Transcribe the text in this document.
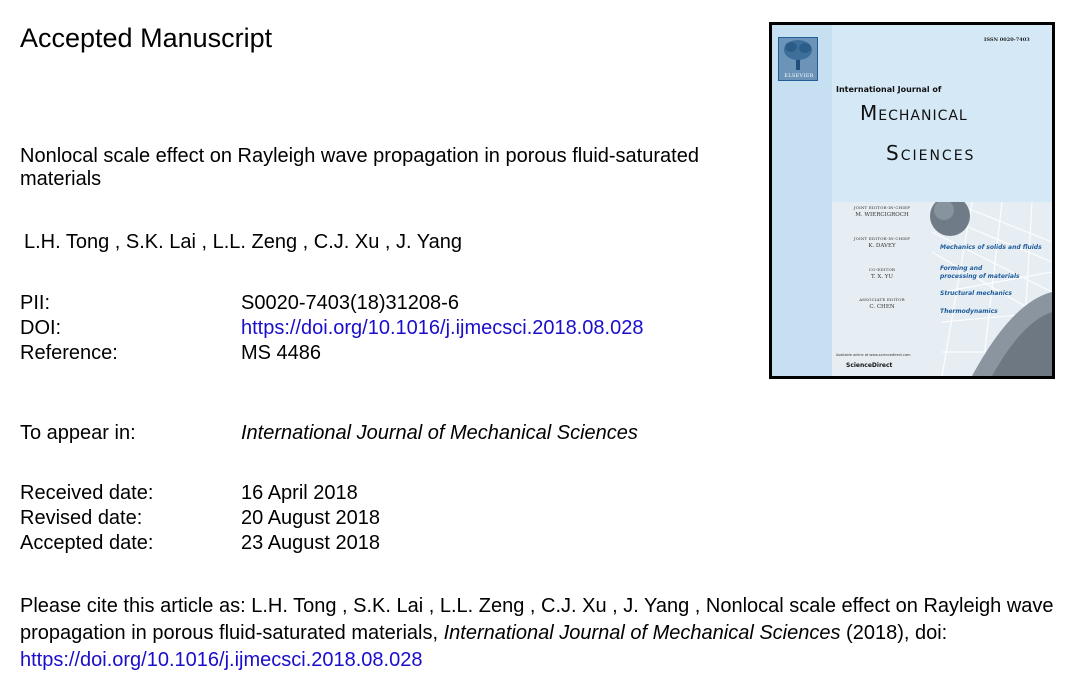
Accepted Manuscript
Nonlocal scale effect on Rayleigh wave propagation in porous fluid-saturated materials
L.H. Tong , S.K. Lai , L.L. Zeng , C.J. Xu , J. Yang
PII:	S0020-7403(18)31208-6
DOI:	https://doi.org/10.1016/j.ijmecsci.2018.08.028
Reference:	MS 4486
To appear in:	International Journal of Mechanical Sciences
Received date:	16 April 2018
Revised date:	20 August 2018
Accepted date:	23 August 2018
Please cite this article as: L.H. Tong , S.K. Lai , L.L. Zeng , C.J. Xu , J. Yang , Nonlocal scale effect on Rayleigh wave propagation in porous fluid-saturated materials, International Journal of Mechanical Sciences (2018), doi: https://doi.org/10.1016/j.ijmecsci.2018.08.028
ELSEVIER
ISSN 0020-7403
International Journal of
Mechanical
Sciences
JOINT EDITOR-IN-CHIEF
M. WIERCIGROCH
JOINT EDITOR-IN-CHIEF
K. DAVEY
CO-EDITOR
T. X. YU
ASSOCIATE EDITOR
C. CHEN
Mechanics of solids and fluids
Forming and processing of materials
Structural mechanics
Thermodynamics
Available online at www.sciencedirect.com
ScienceDirect
